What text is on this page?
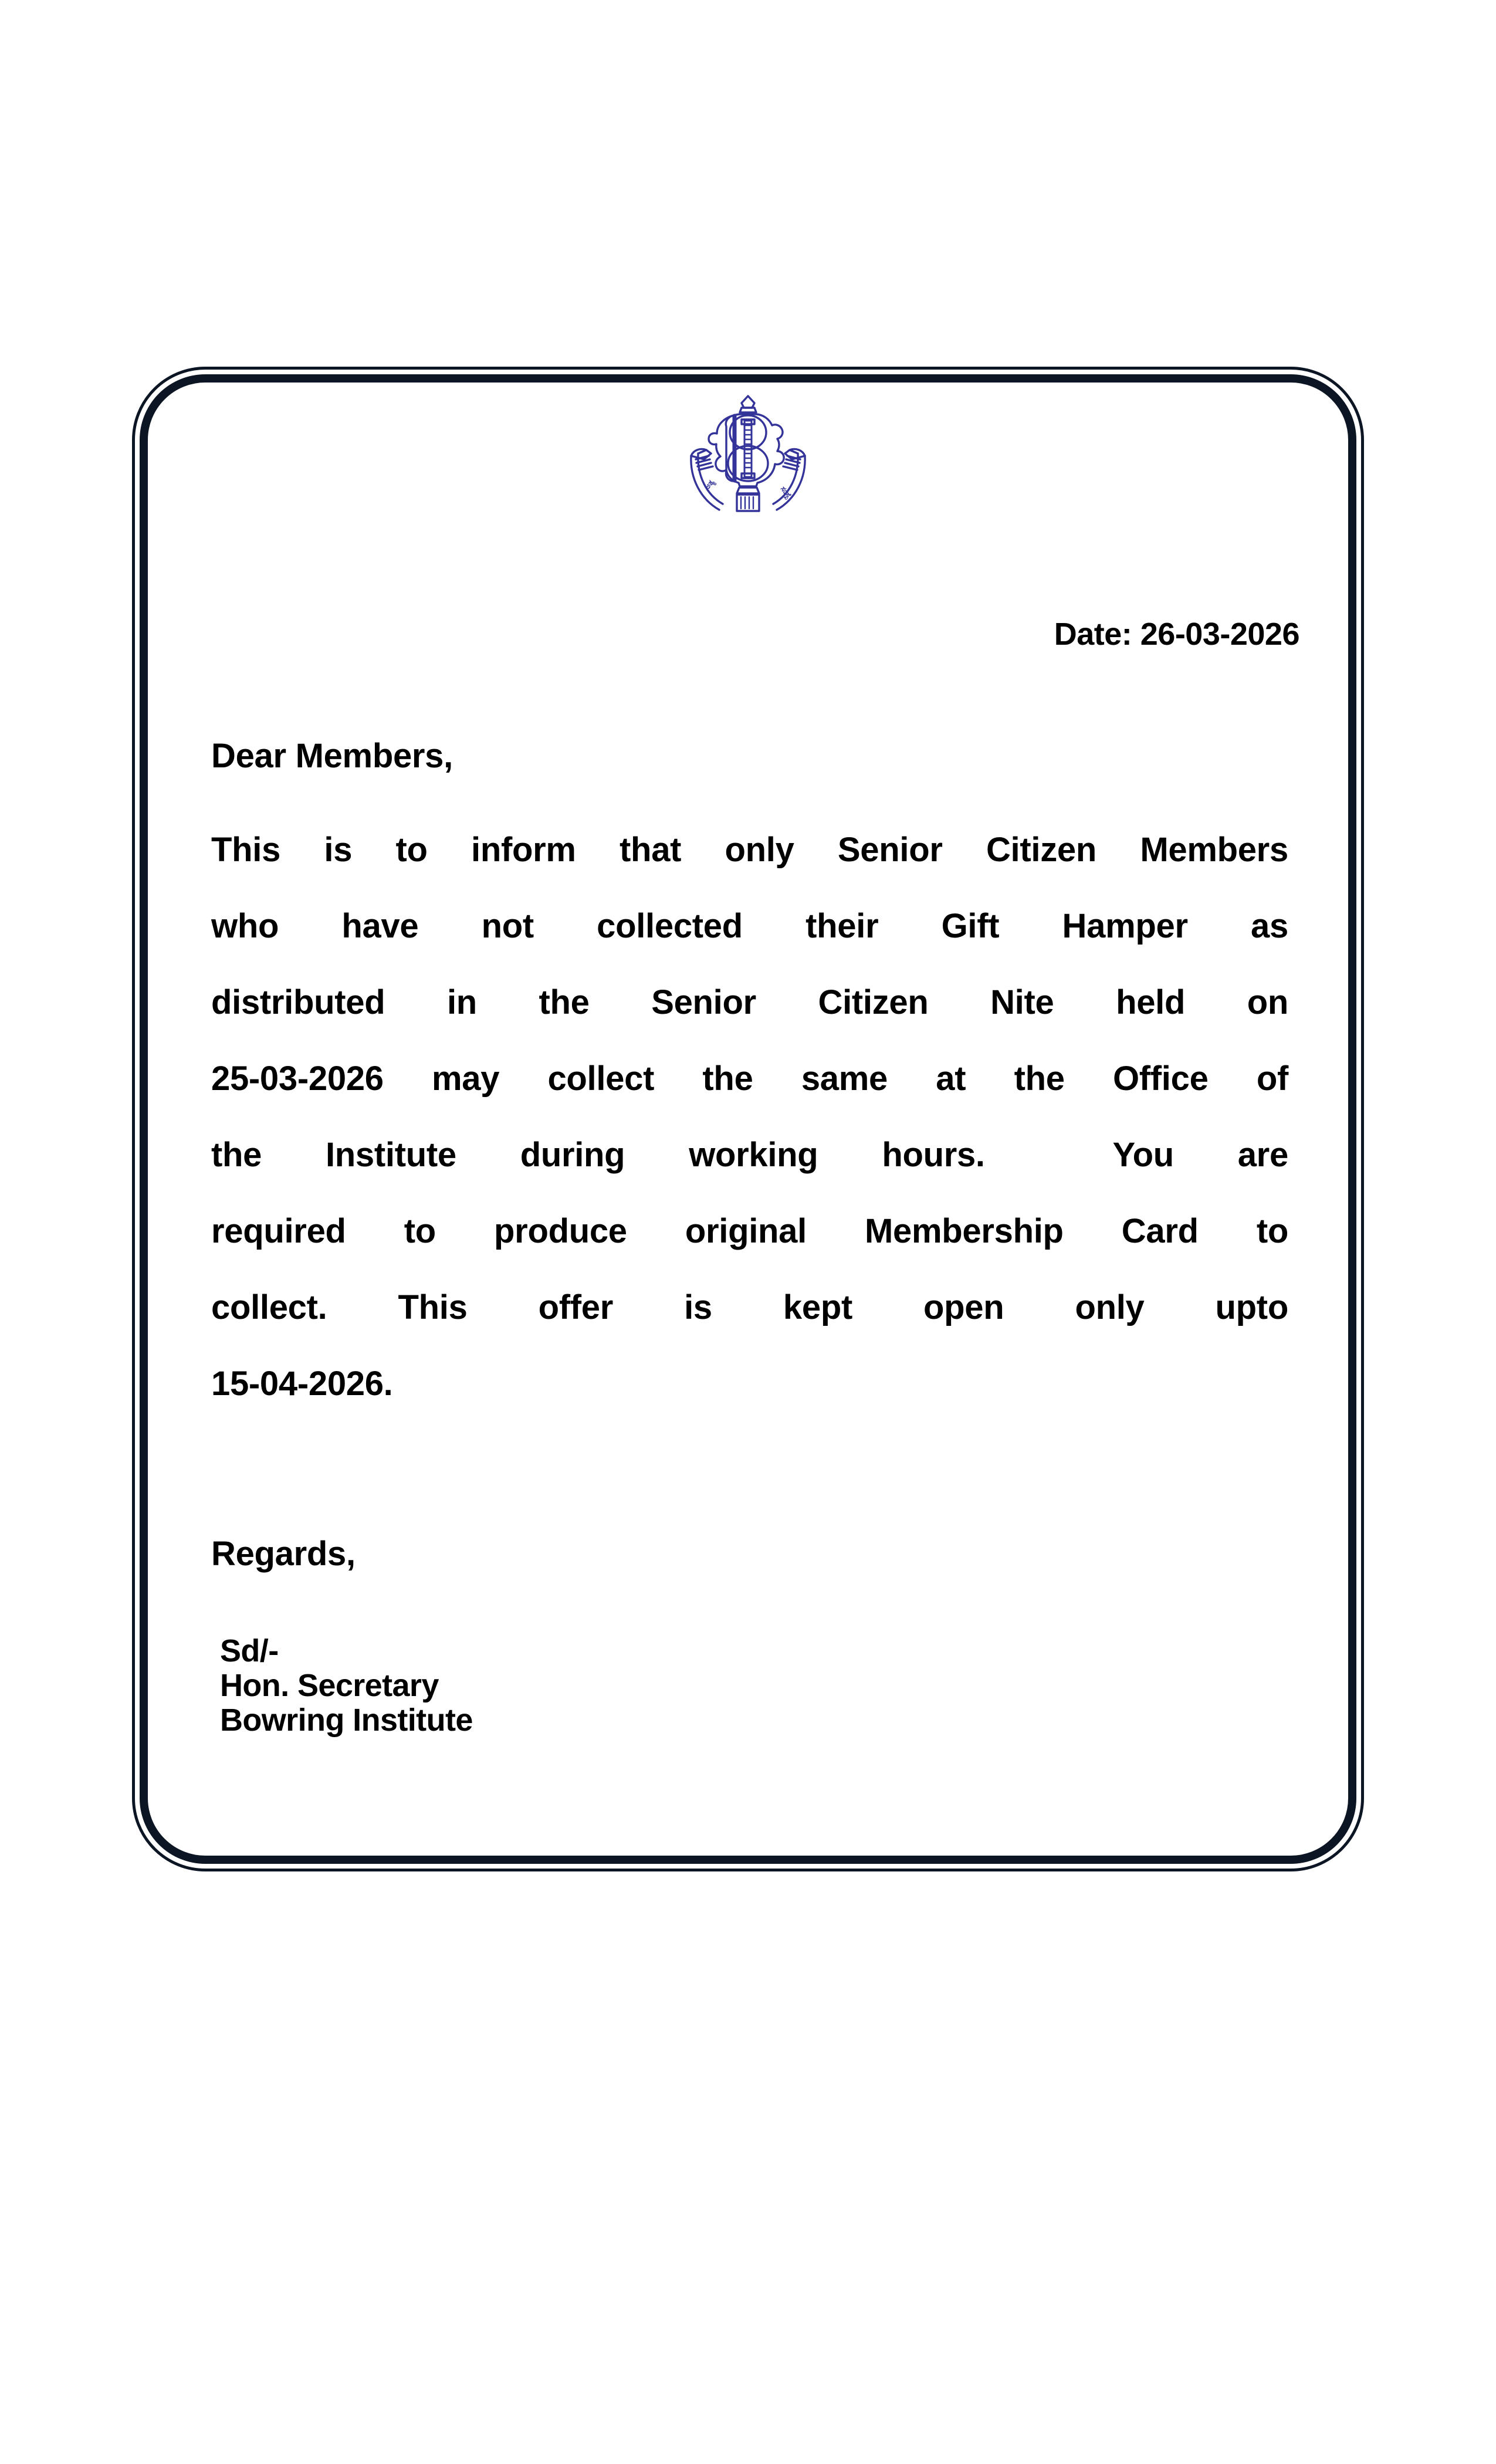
ಅತ್ಯ
ಸಂಸ್ಖೆ
Date: 26-03-2026
Dear Members,
This is to inform that only Senior Citizen Members
who have not collected their Gift Hamper as
distributed in the Senior Citizen Nite held on
25-03-2026 may collect the same at the Office of
the Institute during working hours.	You are
required to produce original Membership Card to
collect. This offer is kept open only upto
15-04-2026.
Regards,
Sd/-
Hon. Secretary
Bowring Institute
